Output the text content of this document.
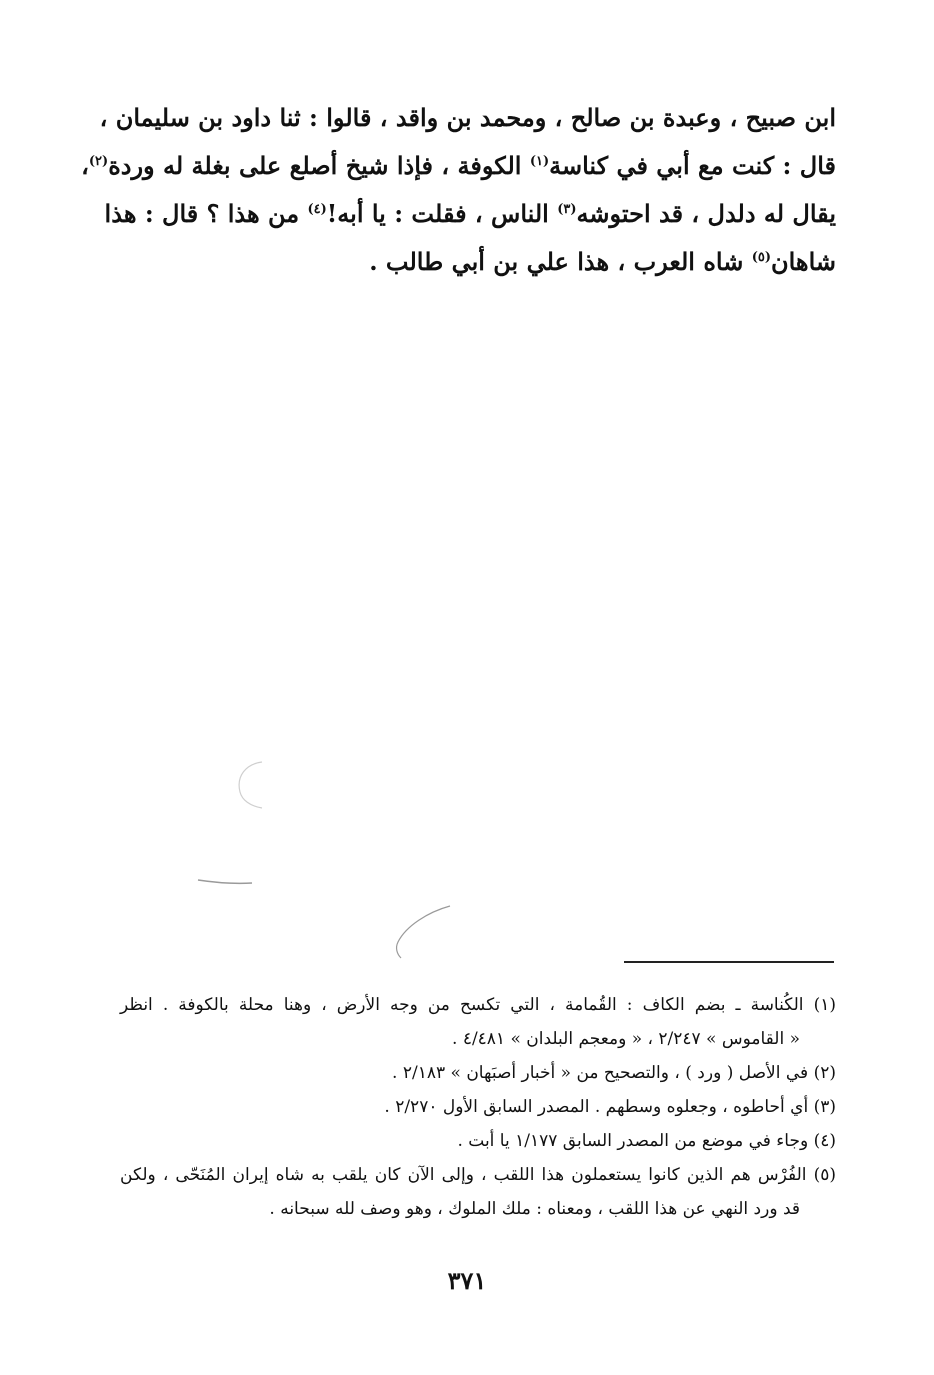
ابن صبيح ، وعبدة بن صالح ، ومحمد بن واقد ، قالوا : ثنا داود بن سليمان ،
قال : كنت مع أبي في كناسة$^{(١)}$ الكوفة ، فإذا شيخ أصلع على بغلة له وردة$^{(٢)}$،
يقال له دلدل ، قد احتوشه$^{(٣)}$ الناس ، فقلت : يا أبه!$^{(٤)}$ من هذا ؟ قال : هذا
شاهان$^{(٥)}$ شاه العرب ، هذا علي بن أبي طالب .
(١) الكُناسة ـ بضم الكاف : القُمامة ، التي تكسح من وجه الأرض ، وهنا محلة بالكوفة . انظر
« القاموس » ٢/٢٤٧ ، « ومعجم البلدان » ٤/٤٨١ .
(٢) في الأصل ( ورد ) ، والتصحيح من « أخبار أصبَهان » ٢/١٨٣ .
(٣) أي أحاطوه ، وجعلوه وسطهم . المصدر السابق الأول ٢/٢٧٠ .
(٤) وجاء في موضع من المصدر السابق ١/١٧٧ يا أبت .
(٥) الفُرْس هم الذين كانوا يستعملون هذا اللقب ، وإلى الآن كان يلقب به شاه إيران المُنَحّى ، ولكن
قد ورد النهي عن هذا اللقب ، ومعناه : ملك الملوك ، وهو وصف لله سبحانه .
٣٧١
